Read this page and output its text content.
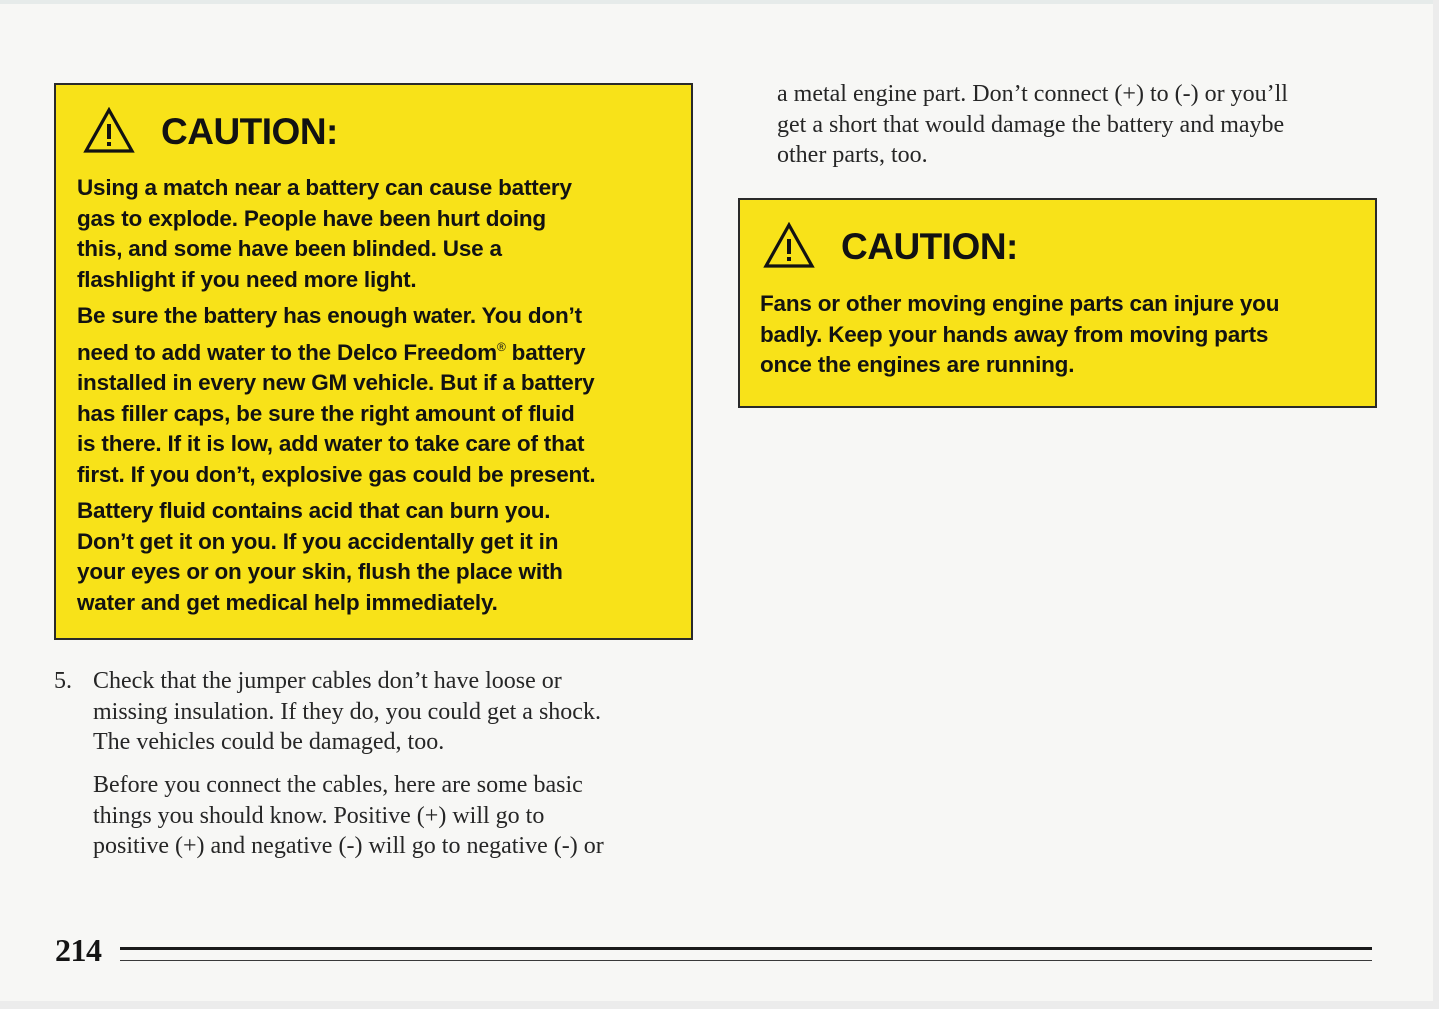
CAUTION:

Using a match near a battery can cause battery
gas to explode. People have been hurt doing
this, and some have been blinded. Use a
flashlight if you need more light.

Be sure the battery has enough water. You don’t
need to add water to the Delco Freedom® battery
installed in every new GM vehicle. But if a battery
has filler caps, be sure the right amount of fluid
is there. If it is low, add water to take care of that
first. If you don’t, explosive gas could be present.

Battery fluid contains acid that can burn you.
Don’t get it on you. If you accidentally get it in
your eyes or on your skin, flush the place with
water and get medical help immediately.

a metal engine part. Don’t connect (+) to (-) or you’ll
get a short that would damage the battery and maybe
other parts, too.
CAUTION:

Fans or other moving engine parts can injure you
badly. Keep your hands away from moving parts
once the engines are running.

5. Check that the jumper cables don’t have loose or
missing insulation. If they do, you could get a shock.
The vehicles could be damaged, too.
Before you connect the cables, here are some basic
things you should know. Positive (+) will go to
positive (+) and negative (-) will go to negative (-) or
214
